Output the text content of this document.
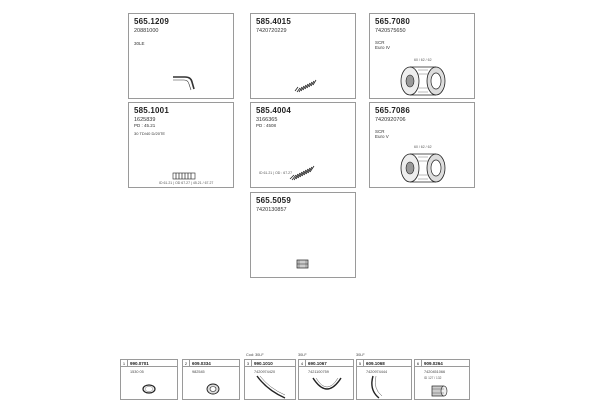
565.1209
20881000
30LE
585.4015
7420720229
565.7080
7420575650
SCR
Euro IV
60 / 62 / 62
585.1001
1625839
PD : 45.21
30 TD/40 D/20TE
ID 61.21 | OD 67.27 | 45.21 / 67.27
585.4004
3166365
PD : 4508
ID 61.21 | OD : 67.27
565.7086
7420920706
SCR
Euro V
60 / 62 / 62
565.5059
7420130857
Cod: 30LF	30LF	30LF
1	990.0701
1530 05
2	609.0334
982545
3	990.1010
7420974420
4	690.1067
7421100759
5	609.1068
7420974444
6	909.0264
7420451066
ID 127 / 132
